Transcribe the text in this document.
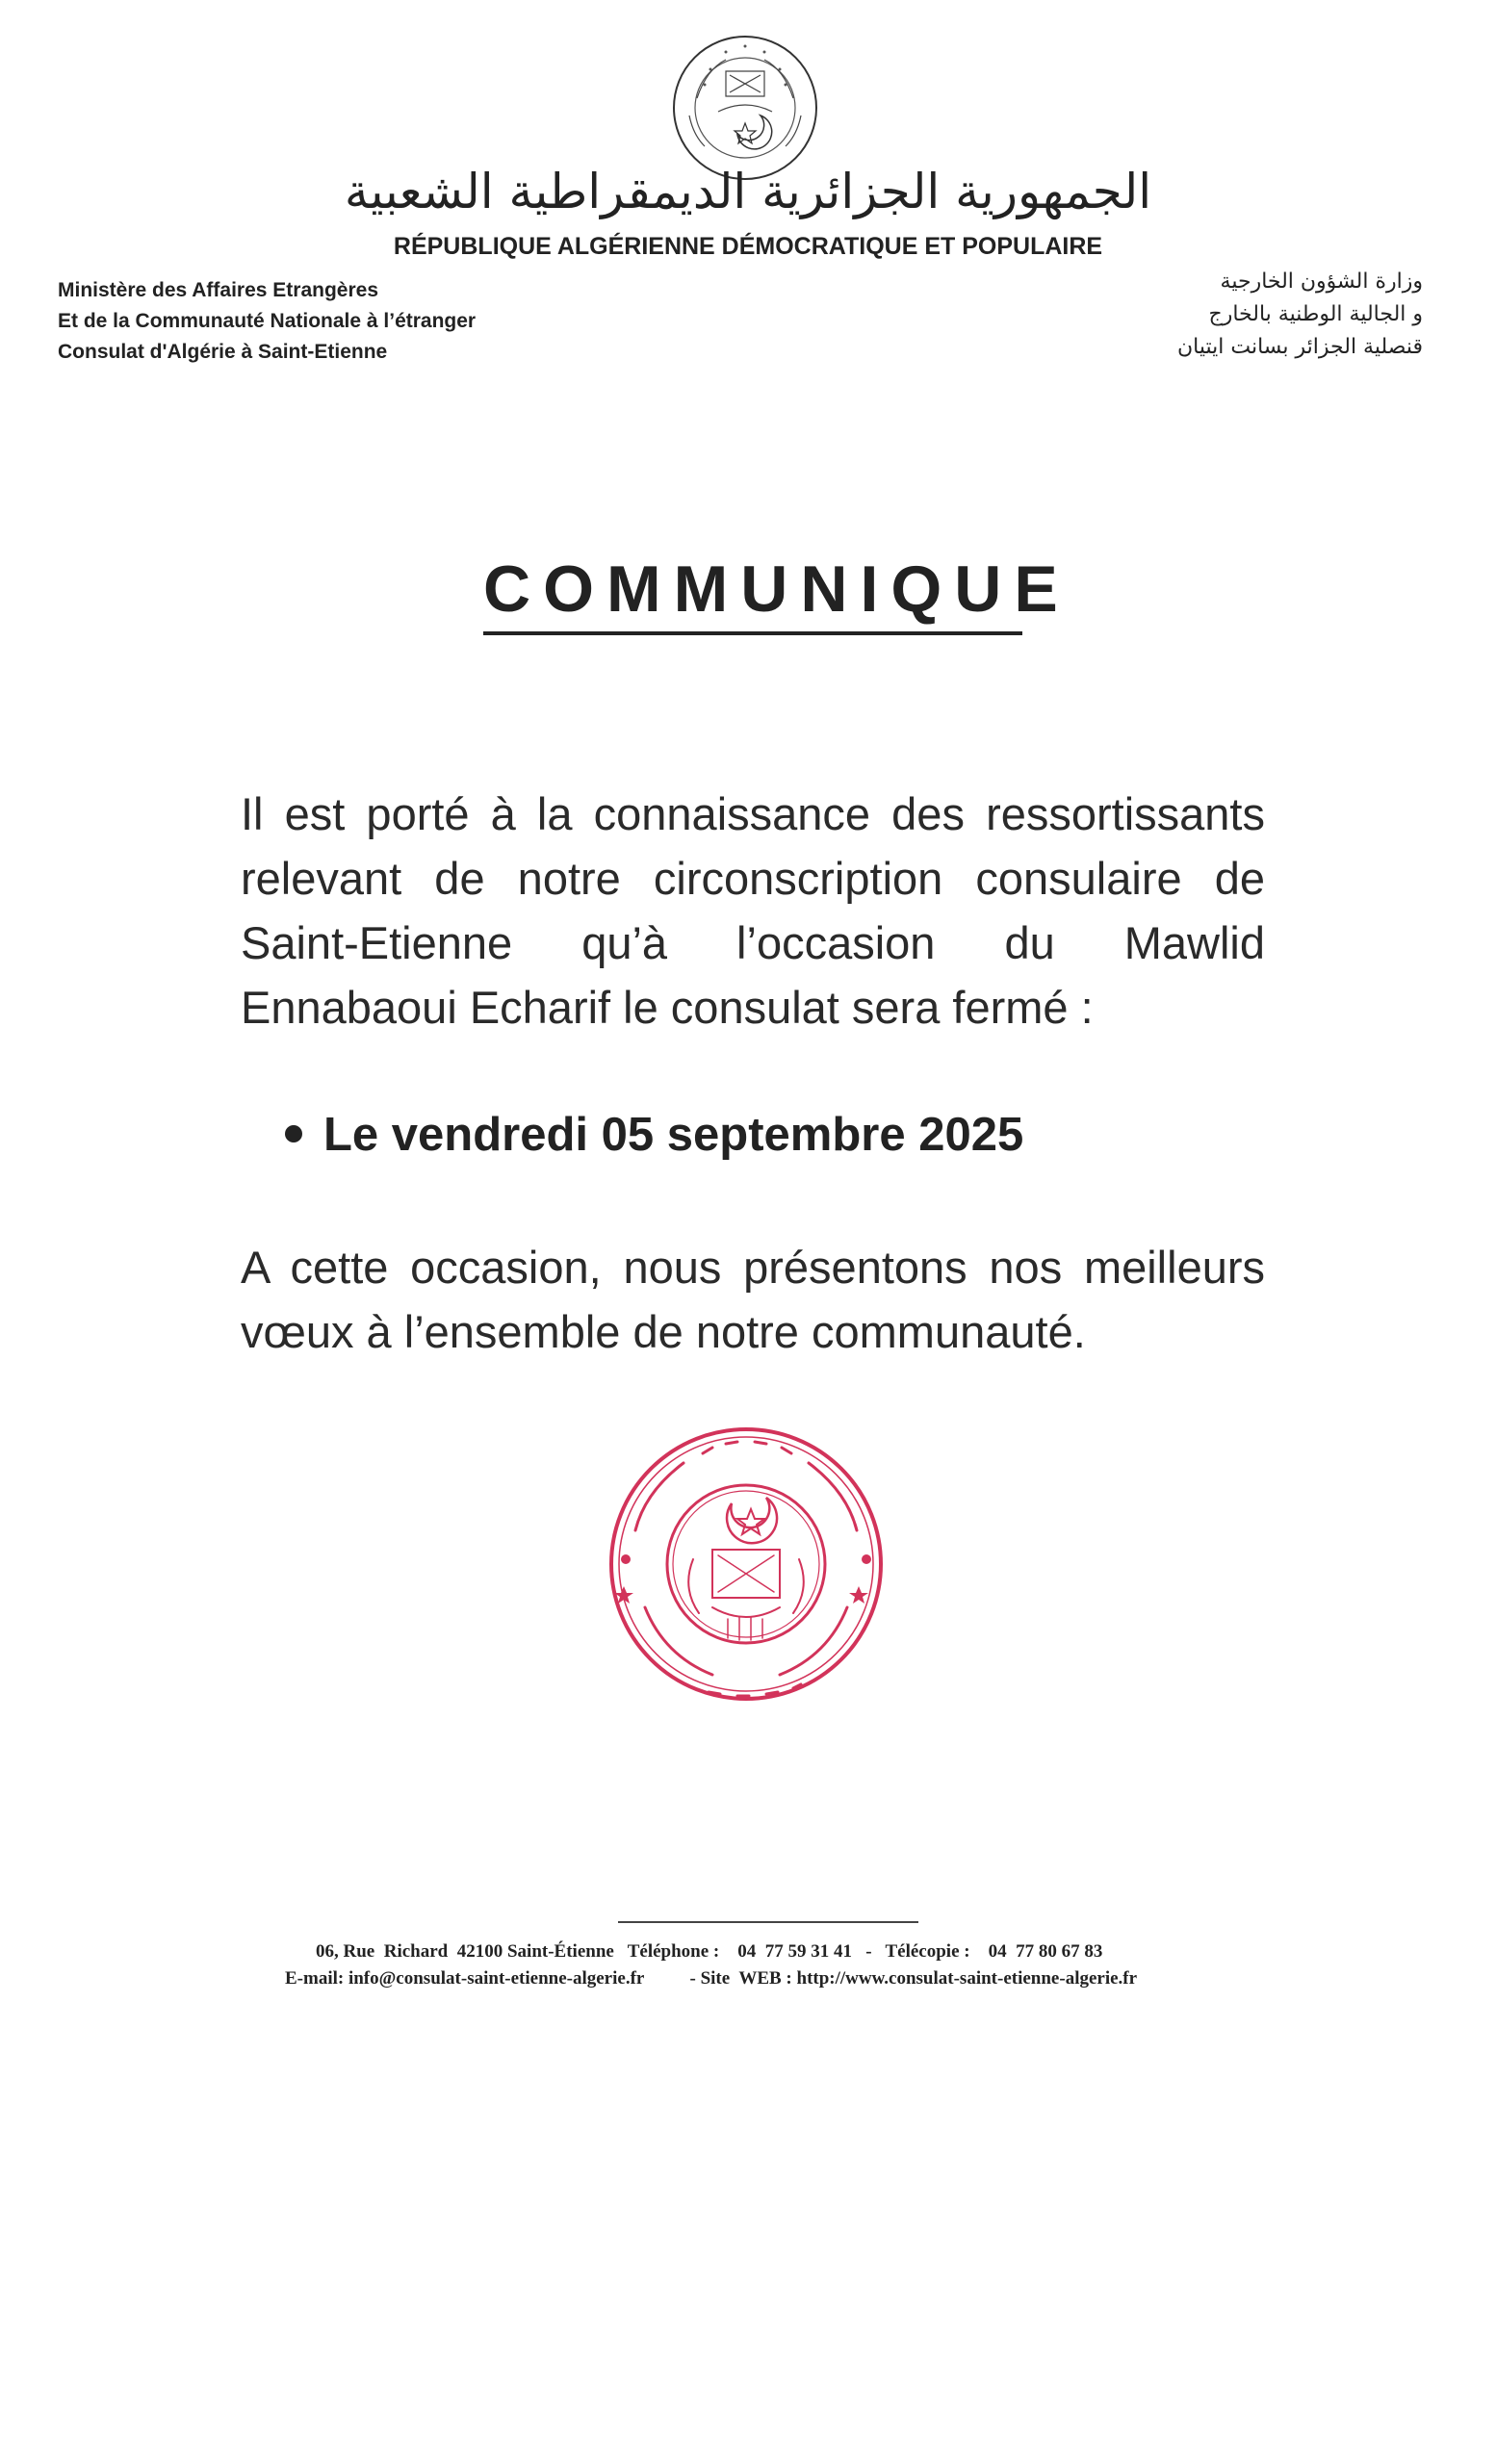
الجمهورية الجزائرية الديمقراطية الشعبية
RÉPUBLIQUE ALGÉRIENNE DÉMOCRATIQUE ET POPULAIRE
Ministère des Affaires Etrangères
Et de la Communauté Nationale à l’étranger
Consulat d'Algérie à Saint-Etienne
وزارة الشؤون الخارجية
و الجالية الوطنية بالخارج
قنصلية الجزائر بسانت ايتيان
COMMUNIQUE
Il est porté à la connaissance des ressortissants relevant de notre circonscription consulaire de Saint-Etienne qu’à l’occasion du Mawlid Ennabaoui Echarif le consulat sera fermé :
Le vendredi 05 septembre 2025
A cette occasion, nous présentons nos meilleurs vœux à l’ensemble de notre communauté.
06, Rue  Richard  42100 Saint-Étienne   Téléphone :    04  77 59 31 41   -   Télécopie :    04  77 80 67 83
E-mail: info@consulat-saint-etienne-algerie.fr          - Site  WEB : http://www.consulat-saint-etienne-algerie.fr
